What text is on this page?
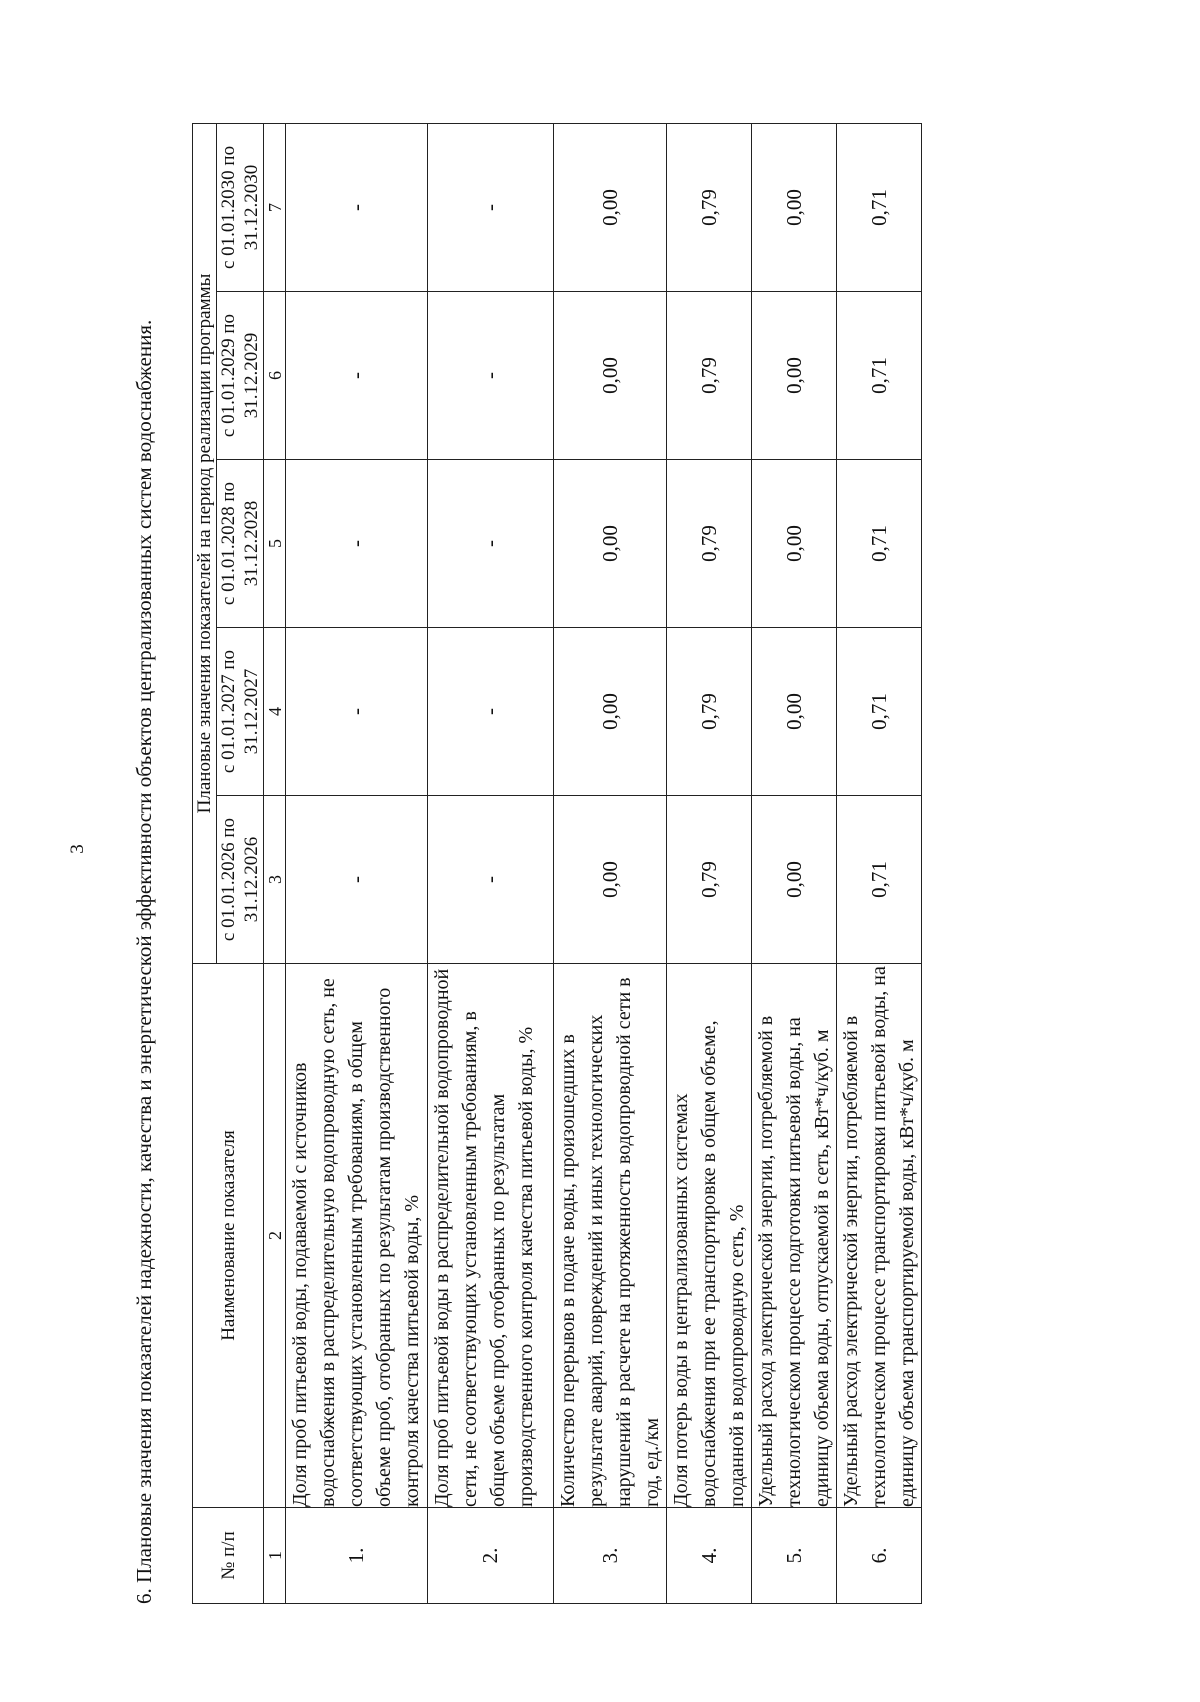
3 6. Плановые значения показателей надежности, качества и энергетической эффективности объектов централизованных систем водоснабжения.	№ п/п	Наименование показателя	Плановые значения показателей на период реализации программы				
		с 01.01.2026 по 31.12.2026	с 01.01.2027 по 31.12.2027	с 01.01.2028 по 31.12.2028	с 01.01.2029 по 31.12.2029	с 01.01.2030 по 31.12.2030
1	2	3	4	5	6	7
1.	Доля проб питьевой воды, подаваемой с источников водоснабжения в распределительную водопроводную сеть, не соответствующих установленным требованиям, в общем объеме проб, отобранных по результатам производственного контроля качества питьевой воды, %	-	-	-	-	-
2.	Доля проб питьевой воды в распределительной водопроводной сети, не соответствующих установленным требованиям, в общем объеме проб, отобранных по результатам производственного контроля качества питьевой воды, %	-	-	-	-	-
3.	Количество перерывов в подаче воды, произошедших в результате аварий, повреждений и иных технологических нарушений в расчете на протяженность водопроводной сети в год, ед./км	0,00	0,00	0,00	0,00	0,00
4.	Доля потерь воды в централизованных системах водоснабжения при ее транспортировке в общем объеме, поданной в водопроводную сеть, %	0,79	0,79	0,79	0,79	0,79
5.	Удельный расход электрической энергии, потребляемой в технологическом процессе подготовки питьевой воды, на единицу объема воды, отпускаемой в сеть, кВт*ч/куб. м	0,00	0,00	0,00	0,00	0,00
6.	Удельный расход электрической энергии, потребляемой в технологическом процессе транспортировки питьевой воды, на единицу объема транспортируемой воды, кВт*ч/куб. м	0,71	0,71	0,71	0,71	0,71
